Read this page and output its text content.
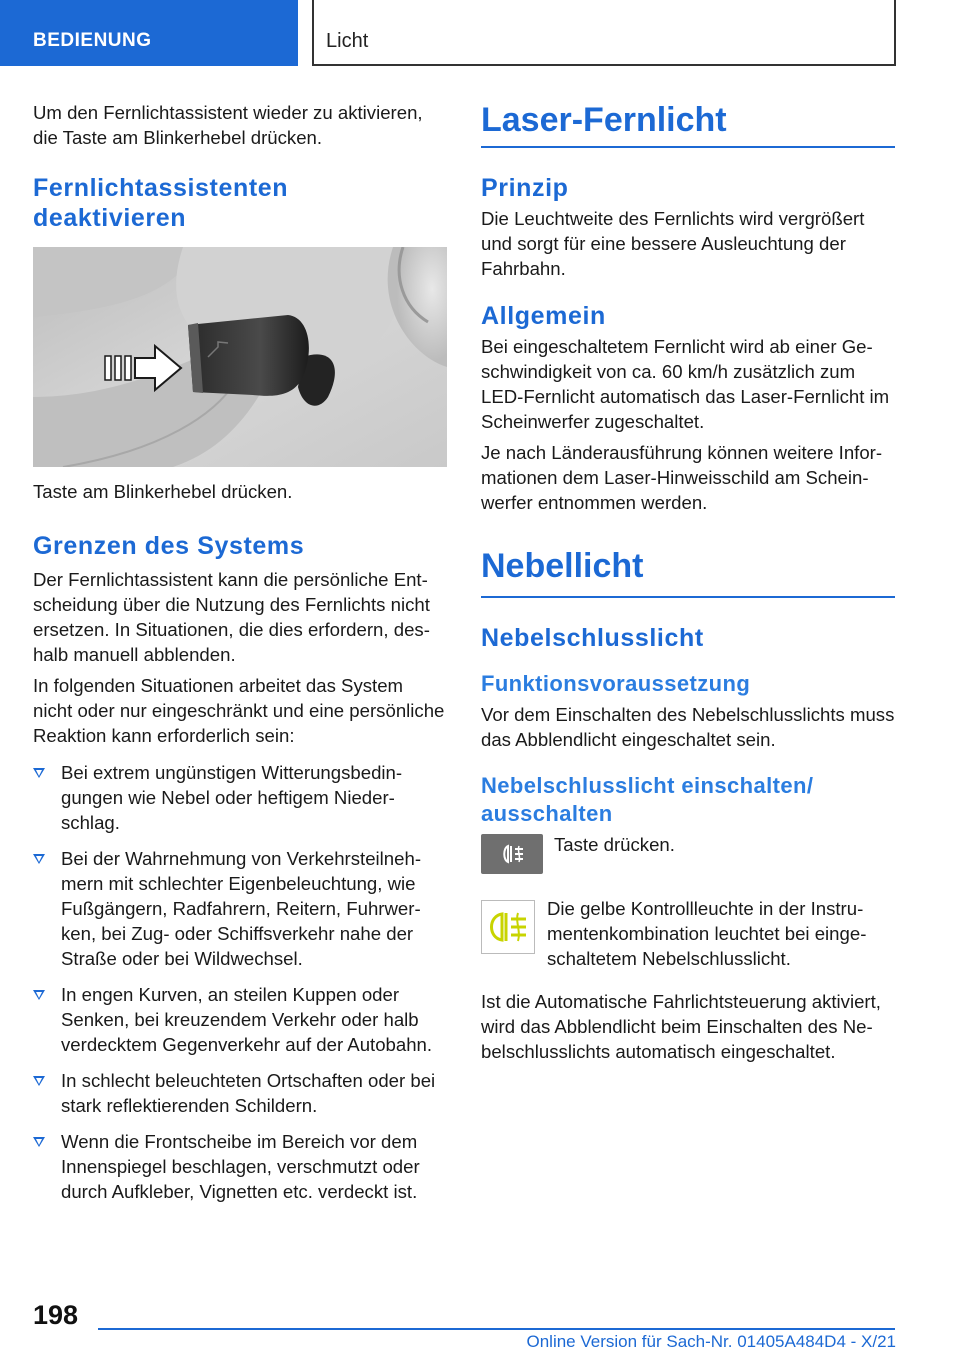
BEDIENUNG	Licht

Um den Fernlichtassistent wieder zu aktivieren, die Taste am Blinkerhebel drücken.

Fernlichtassistenten deaktivieren

Taste am Blinkerhebel drücken.

Grenzen des Systems

Der Fernlichtassistent kann die persönliche Entscheidung über die Nutzung des Fernlichts nicht ersetzen. In Situationen, die dies erfordern, deshalb manuell abblenden.

In folgenden Situationen arbeitet das System nicht oder nur eingeschränkt und eine persönliche Reaktion kann erforderlich sein:

Bei extrem ungünstigen Witterungsbedingungen wie Nebel oder heftigem Niederschlag.
Bei der Wahrnehmung von Verkehrsteilnehmern mit schlechter Eigenbeleuchtung, wie Fußgängern, Radfahrern, Reitern, Fuhrwerken, bei Zug- oder Schiffsverkehr nahe der Straße oder bei Wildwechsel.
In engen Kurven, an steilen Kuppen oder Senken, bei kreuzendem Verkehr oder halb verdecktem Gegenverkehr auf der Autobahn.
In schlecht beleuchteten Ortschaften oder bei stark reflektierenden Schildern.
Wenn die Frontscheibe im Bereich vor dem Innenspiegel beschlagen, verschmutzt oder durch Aufkleber, Vignetten etc. verdeckt ist.
Laser-Fernlicht
Prinzip

Die Leuchtweite des Fernlichts wird vergrößert und sorgt für eine bessere Ausleuchtung der Fahrbahn.

Allgemein

Bei eingeschaltetem Fernlicht wird ab einer Geschwindigkeit von ca. 60 km/h zusätzlich zum LED-Fernlicht automatisch das Laser-Fernlicht im Scheinwerfer zugeschaltet.

Je nach Länderausführung können weitere Informationen dem Laser-Hinweisschild am Scheinwerfer entnommen werden.

Nebellicht
Nebelschlusslicht
Funktionsvoraussetzung

Vor dem Einschalten des Nebelschlusslichts muss das Abblendlicht eingeschaltet sein.

Nebelschlusslicht einschalten/ ausschalten

Taste drücken.

Die gelbe Kontrollleuchte in der Instrumentenkombination leuchtet bei eingeschaltetem Nebelschlusslicht.

Ist die Automatische Fahrlichtsteuerung aktiviert, wird das Abblendlicht beim Einschalten des Nebelschlusslichts automatisch eingeschaltet.

198
Online Version für Sach-Nr. 01405A484D4 - X/21
